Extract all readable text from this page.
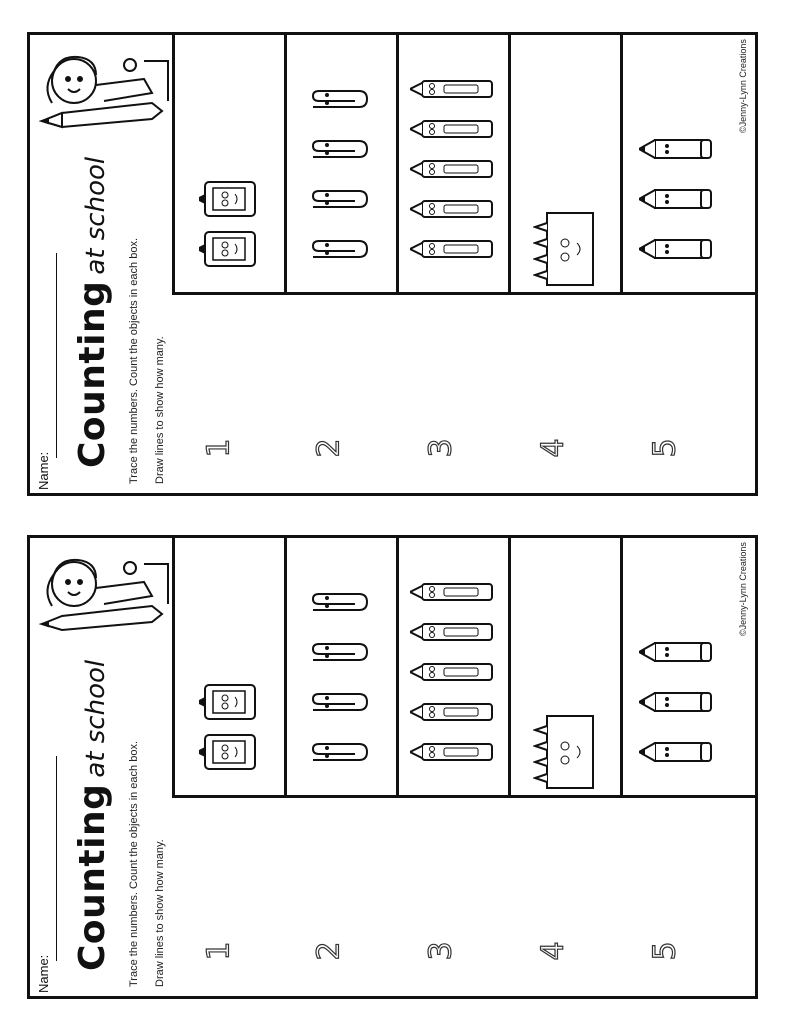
Name:
Countingat school
Trace the numbers. Count the objects in each box. Draw lines to show how many. 1	2	3	4	5
©Jenny-Lynn Creations
Name:
Countingat school
Trace the numbers. Count the objects in each box. Draw lines to show how many. 1	2	3	4	5
©Jenny-Lynn Creations
